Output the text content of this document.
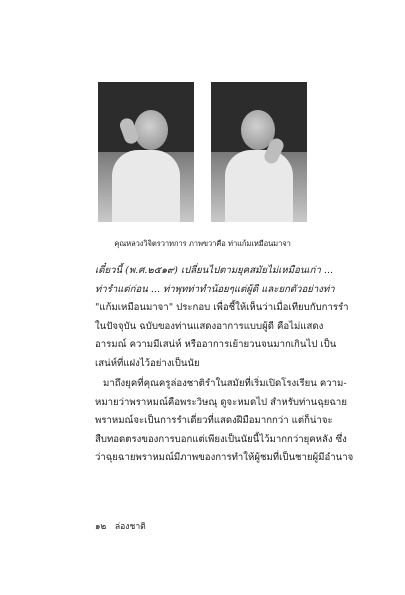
คุณหลวงวิจิตรวาทการ ภาพขวาคือ ท่าแก้มเหมือนมาจา
เดี๋ยวนี้ (พ.ศ.๒๕๑๙) เปลี่ยนไปตามยุคสมัยไม่เหมือนเก่า ...
ท่ารำแต่ก่อน ... ท่าพุทท่าทำน้อยๆแต่ผู้ดี และยกตัวอย่างท่า
"แก้มเหมือนมาจา" ประกอบ เพื่อชี้ให้เห็นว่าเมื่อเทียบกับการรำ
ในปัจจุบัน ฉบับของท่านแสดงอาการแบบผู้ดี คือไม่แสดง
อารมณ์ ความมีเสน่ห์ หรืออาการเย้ายวนจนมากเกินไป เป็น
เสน่ห์ที่แฝงไว้อย่างเป็นนัย
มาถึงยุคที่คุณครูล่องชาติรำในสมัยที่เริ่มเปิดโรงเรียน ความ-
หมายว่าพราหมณ์คือพระวิษณุ ดูจะหมดไป สำหรับท่านฉุยฉาย
พราหมณ์จะเป็นการรำเดี่ยวที่แสดงฝีมือมากกว่า แต่ก็น่าจะ
สืบทอดตรงของการบอกแต่เพียงเป็นนัยนี้ไว้มากกว่ายุคหลัง ซึ่ง
ว่าฉุยฉายพราหมณ์มีภาพของการทำให้ผู้ชมที่เป็นชายผู้มีอำนาจ
๑๒ ล่องชาติ
